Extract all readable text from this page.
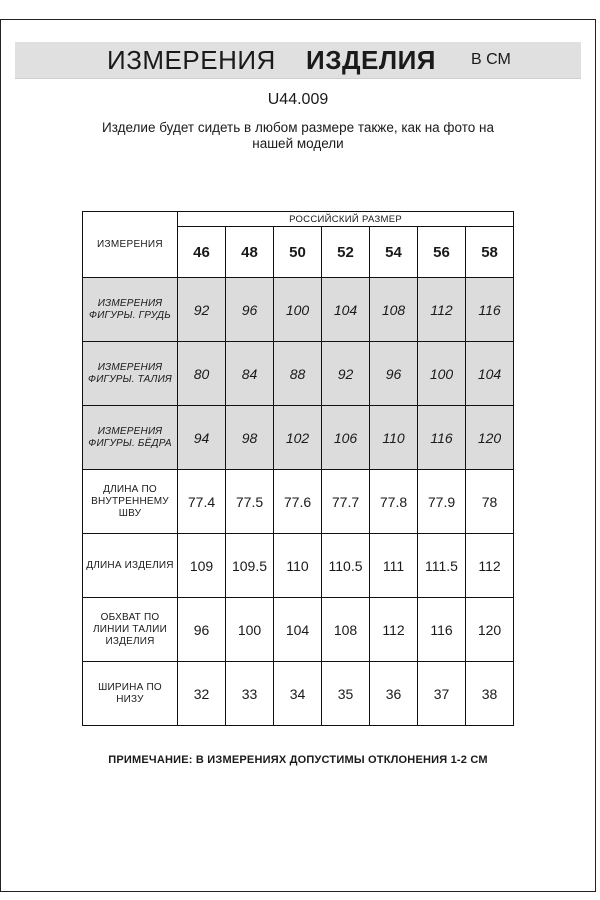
ИЗМЕРЕНИЯ ИЗДЕЛИЯ В СМ
U44.009
Изделие будет сидеть в любом размере также, как на фото на нашей модели
ИЗМЕРЕНИЯ	РОССИЙСКИЙ РАЗМЕР						
	46	48	50	52	54	56	58
ИЗМЕРЕНИЯ ФИГУРЫ. ГРУДЬ	92	96	100	104	108	112	116
ИЗМЕРЕНИЯ ФИГУРЫ. ТАЛИЯ	80	84	88	92	96	100	104
ИЗМЕРЕНИЯ ФИГУРЫ. БЁДРА	94	98	102	106	110	116	120
ДЛИНА ПО ВНУТРЕННЕМУ ШВУ	77.4	77.5	77.6	77.7	77.8	77.9	78
ДЛИНА ИЗДЕЛИЯ	109	109.5	110	110.5	111	111.5	112
ОБХВАТ ПО ЛИНИИ ТАЛИИ ИЗДЕЛИЯ	96	100	104	108	112	116	120
ШИРИНА ПО НИЗУ	32	33	34	35	36	37	38
ПРИМЕЧАНИЕ: В ИЗМЕРЕНИЯХ ДОПУСТИМЫ ОТКЛОНЕНИЯ 1-2 СМ
